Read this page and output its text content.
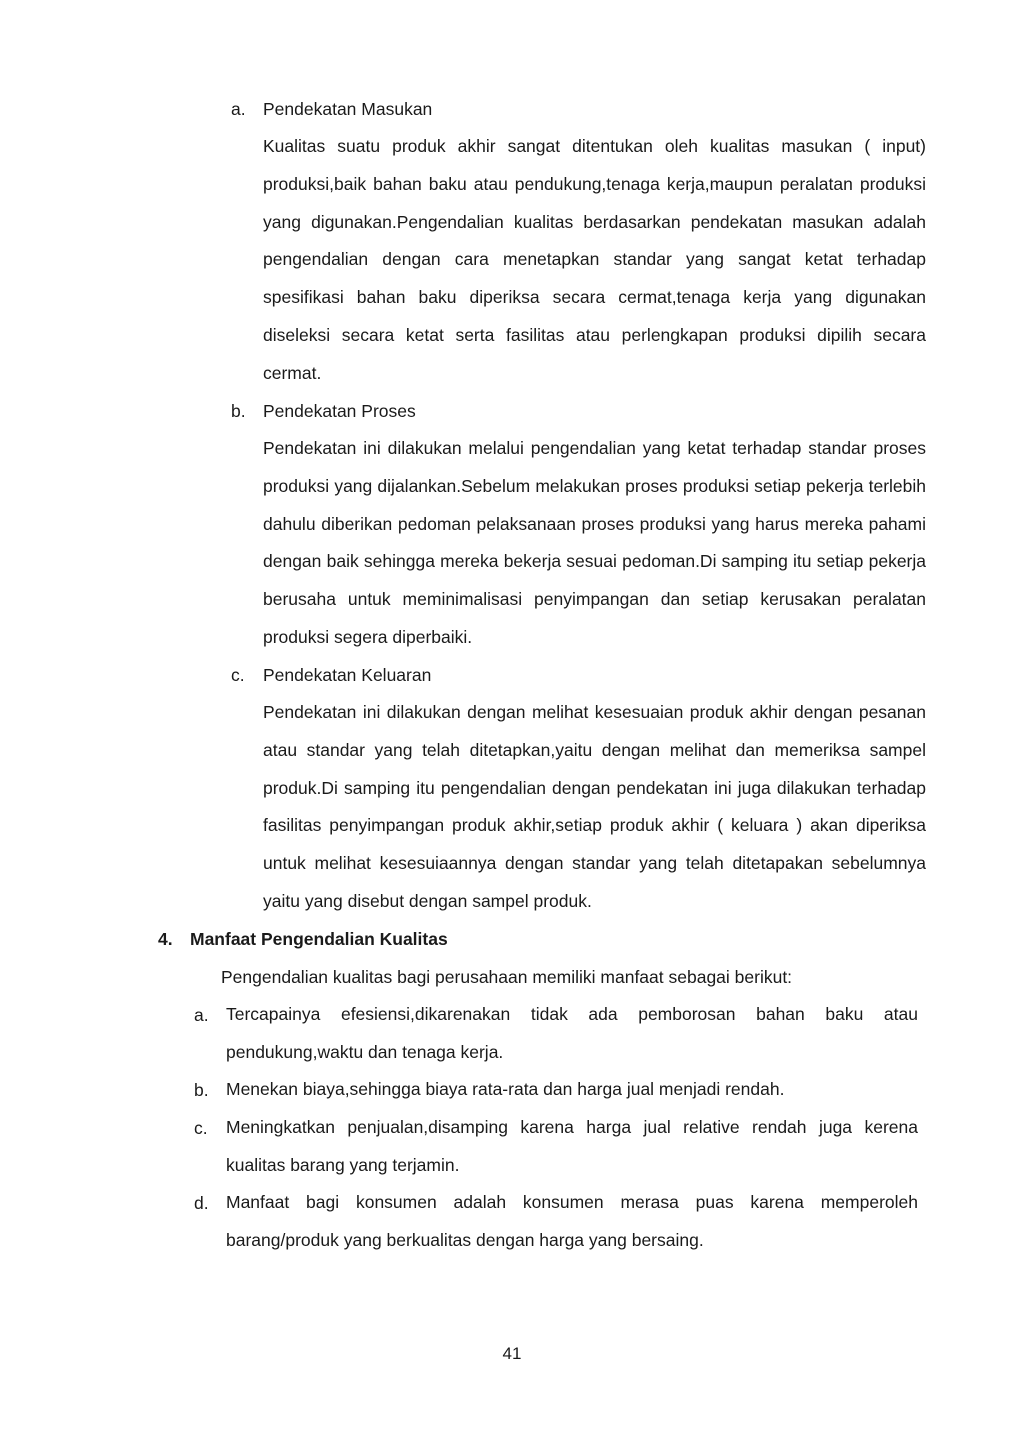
a. Pendekatan Masukan

Kualitas suatu produk akhir sangat ditentukan oleh kualitas masukan ( input) produksi,baik bahan baku atau pendukung,tenaga kerja,maupun peralatan produksi yang digunakan.Pengendalian kualitas berdasarkan pendekatan masukan adalah pengendalian dengan cara menetapkan standar yang sangat ketat terhadap spesifikasi bahan baku diperiksa secara cermat,tenaga kerja yang digunakan diseleksi secara ketat serta fasilitas atau perlengkapan produksi dipilih secara cermat.

b. Pendekatan Proses

Pendekatan ini dilakukan melalui pengendalian yang ketat terhadap standar proses produksi yang dijalankan.Sebelum melakukan proses produksi setiap pekerja terlebih dahulu diberikan pedoman pelaksanaan proses produksi yang harus mereka pahami dengan baik sehingga mereka bekerja sesuai pedoman.Di samping itu setiap pekerja berusaha untuk meminimalisasi penyimpangan dan setiap kerusakan peralatan produksi segera diperbaiki.

c. Pendekatan Keluaran

Pendekatan ini dilakukan dengan melihat kesesuaian produk akhir dengan pesanan atau standar yang telah ditetapkan,yaitu dengan melihat dan memeriksa sampel produk.Di samping itu pengendalian dengan pendekatan ini juga dilakukan terhadap fasilitas penyimpangan produk akhir,setiap produk akhir ( keluara ) akan diperiksa untuk melihat kesesuiaannya dengan standar yang telah ditetapakan sebelumnya yaitu yang disebut dengan sampel produk.

4. Manfaat Pengendalian Kualitas
Pengendalian kualitas bagi perusahaan memiliki manfaat sebagai berikut:
a. Tercapainya efesiensi,dikarenakan tidak ada pemborosan bahan baku atau pendukung,waktu dan tenaga kerja.

b. Menekan biaya,sehingga biaya rata-rata dan harga jual menjadi rendah.

c. Meningkatkan penjualan,disamping karena harga jual relative rendah juga kerena kualitas barang yang terjamin.

d. Manfaat bagi konsumen adalah konsumen merasa puas karena memperoleh barang/produk yang berkualitas dengan harga yang bersaing.

41
